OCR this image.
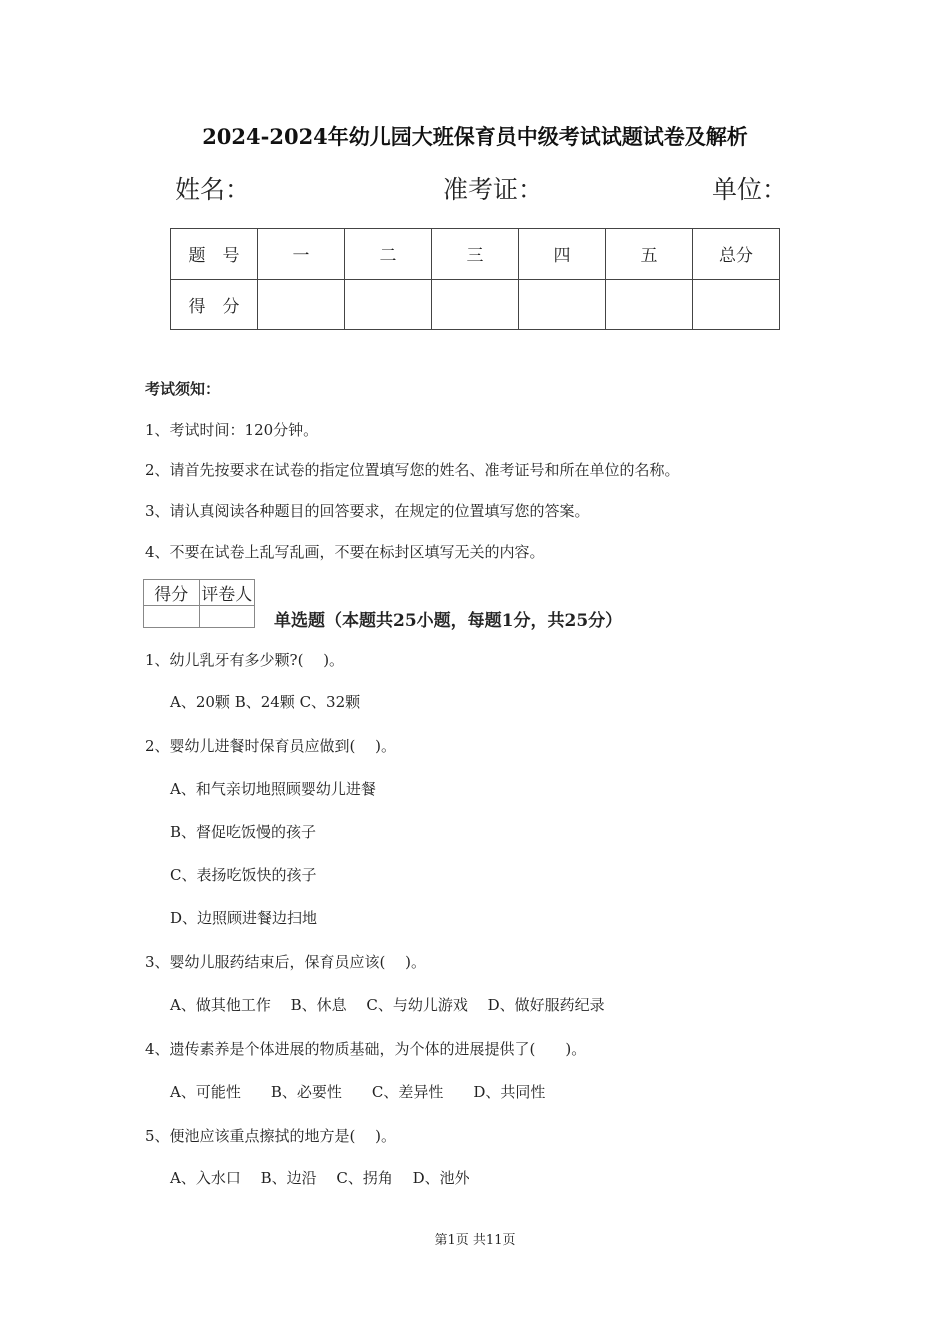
2024-2024年幼儿园大班保育员中级考试试题试卷及解析
姓名：	准考证：	单位：
题　号	一	二	三	四	五	总分
得　分						
考试须知：
1、考试时间：120分钟。
2、请首先按要求在试卷的指定位置填写您的姓名、准考证号和所在单位的名称。
3、请认真阅读各种题目的回答要求，在规定的位置填写您的答案。
4、不要在试卷上乱写乱画，不要在标封区填写无关的内容。
得分	评卷人

单选题（本题共25小题，每题1分，共25分）
1、幼儿乳牙有多少颗?(　 )。
A、20颗 B、24颗 C、32颗
2、婴幼儿进餐时保育员应做到(　 )。
A、和气亲切地照顾婴幼儿进餐
B、督促吃饭慢的孩子
C、表扬吃饭快的孩子
D、边照顾进餐边扫地
3、婴幼儿服药结束后，保育员应该(　 )。
A、做其他工作　 B、休息　 C、与幼儿游戏　 D、做好服药纪录
4、遗传素养是个体进展的物质基础，为个体的进展提供了(　　)。
A、可能性　　B、必要性　　C、差异性　　D、共同性
5、便池应该重点擦拭的地方是(　 )。
A、入水口　 B、边沿　 C、拐角　 D、池外
第1页 共11页
